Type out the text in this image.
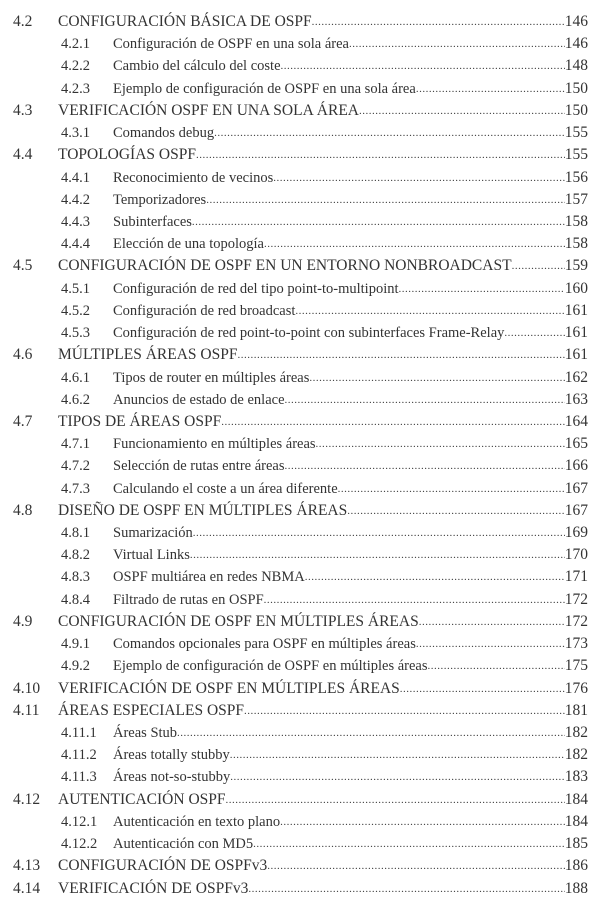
4.2 CONFIGURACIÓN BÁSICA DE OSPF .....	146
4.2.1 Configuración de OSPF en una sola área .....	146
4.2.2 Cambio del cálculo del coste .....	148
4.2.3 Ejemplo de configuración de OSPF en una sola área .....	150
4.3 VERIFICACIÓN OSPF EN UNA SOLA ÁREA .....	150
4.3.1 Comandos debug .....	155
4.4 TOPOLOGÍAS OSPF .....	155
4.4.1 Reconocimiento de vecinos .....	156
4.4.2 Temporizadores .....	157
4.4.3 Subinterfaces .....	158
4.4.4 Elección de una topología .....	158
4.5 CONFIGURACIÓN DE OSPF EN UN ENTORNO NONBROADCAST .....	159
4.5.1 Configuración de red del tipo point-to-multipoint .....	160
4.5.2 Configuración de red broadcast .....	161
4.5.3 Configuración de red point-to-point con subinterfaces Frame-Relay .....	161
4.6 MÚLTIPLES ÁREAS OSPF .....	161
4.6.1 Tipos de router en múltiples áreas .....	162
4.6.2 Anuncios de estado de enlace .....	163
4.7 TIPOS DE ÁREAS OSPF .....	164
4.7.1 Funcionamiento en múltiples áreas .....	165
4.7.2 Selección de rutas entre áreas .....	166
4.7.3 Calculando el coste a un área diferente .....	167
4.8 DISEÑO DE OSPF EN MÚLTIPLES ÁREAS .....	167
4.8.1 Sumarización .....	169
4.8.2 Virtual Links .....	170
4.8.3 OSPF multiárea en redes NBMA .....	171
4.8.4 Filtrado de rutas en OSPF .....	172
4.9 CONFIGURACIÓN DE OSPF EN MÚLTIPLES ÁREAS .....	172
4.9.1 Comandos opcionales para OSPF en múltiples áreas .....	173
4.9.2 Ejemplo de configuración de OSPF en múltiples áreas .....	175
4.10 VERIFICACIÓN DE OSPF EN MÚLTIPLES ÁREAS .....	176
4.11 ÁREAS ESPECIALES OSPF .....	181
4.11.1 Áreas Stub .....	182
4.11.2 Áreas totally stubby .....	182
4.11.3 Áreas not-so-stubby .....	183
4.12 AUTENTICACIÓN OSPF .....	184
4.12.1 Autenticación en texto plano .....	184
4.12.2 Autenticación con MD5 .....	185
4.13 CONFIGURACIÓN DE OSPFv3 .....	186
4.14 VERIFICACIÓN DE OSPFv3 .....	188
